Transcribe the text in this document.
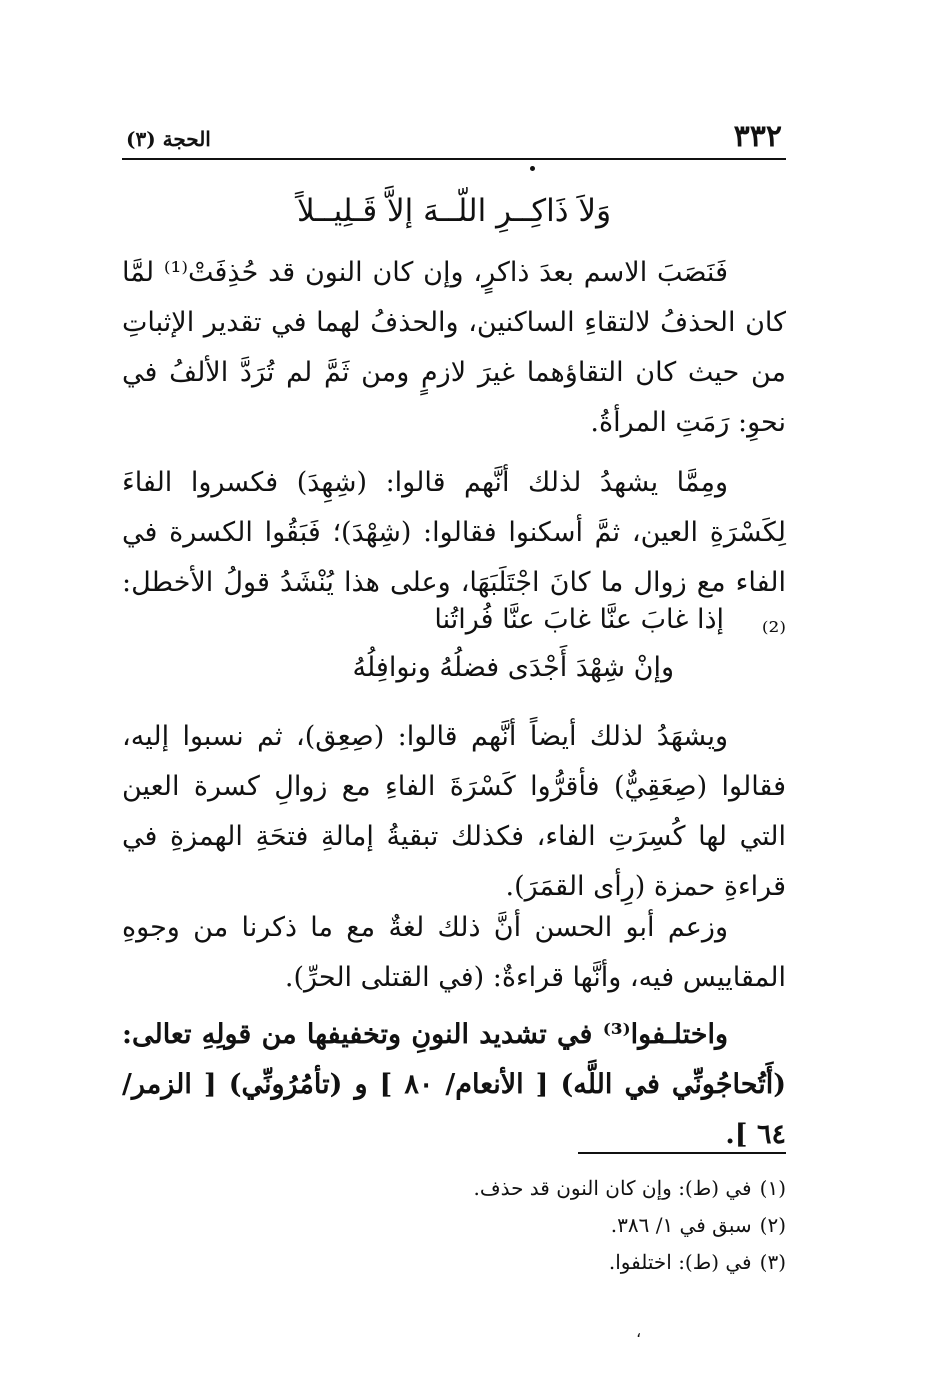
٣٣٢
الحجة (٣)
وَلاَ ذَاكِــرِ اللّــهَ إلاَّ قَـلِيــلاً

فَنَصَبَ الاسم بعدَ ذاكرٍ، وإن كان النون قد حُذِفَتْ⁽¹⁾ لمَّا كان الحذفُ لالتقاءِ الساكنين، والحذفُ لهما في تقدير الإثباتِ من حيث كان التقاؤهما غيرَ لازمٍ ومن ثَمَّ لم تُرَدَّ الألفُ في نحوِ: رَمَتِ المرأةُ.

ومِمَّا يشهدُ لذلك أنَّهم قالوا: (شِهِدَ) فكسروا الفاءَ لِكَسْرَةِ العين، ثمَّ أسكنوا فقالوا: (شِهْدَ)؛ فَبَقُوا الكسرة في الفاء مع زوال ما كانَ اجْتَلَبَهَا، وعلى هذا يُنْشَدُ قولُ الأخطل:⁽²⁾

إذا غابَ عنَّا غابَ عنَّا فُراتُنا
وإنْ شِهْدَ أَجْدَى فضلُهُ ونوافِلُهُ

ويشهَدُ لذلك أيضاً أنَّهم قالوا: (صِعِق)، ثم نسبوا إليه، فقالوا (صِعَقِيٌّ) فأقرُّوا كَسْرَةَ الفاءِ مع زوالِ كسرة العين التي لها كُسِرَتِ الفاء، فكذلك تبقيةُ إمالةِ فتحَةِ الهمزةِ في قراءةِ حمزة (رِأى القمَرَ).

وزعم أبو الحسن أنَّ ذلك لغةٌ مع ما ذكرنا من وجوهِ المقاييس فيه، وأنَّها قراءةٌ: (في القتلى الحرِّ).

واختلـفوا⁽³⁾ في تشديد النونِ وتخفيفها من قولِهِ تعالى: (أَتُحاجُونِّي في اللَّه) [ الأنعام/ ٨٠ ] و (تأمُرُونِّي) [ الزمر/ ٦٤ ].

(١)في (ط): وإن كان النون قد حذف.
(٢)سبق في ١/ ٣٨٦.
(٣)في (ط): اختلفوا.
،
